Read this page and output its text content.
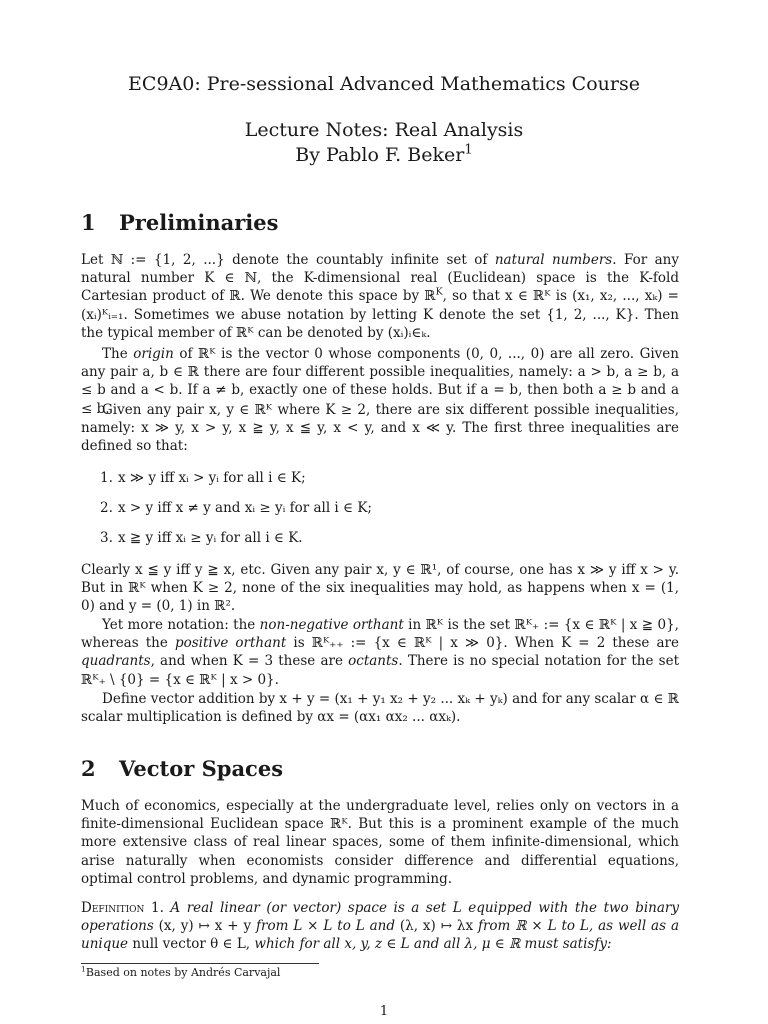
EC9A0: Pre-sessional Advanced Mathematics Course
Lecture Notes: Real Analysis
By Pablo F. Beker$^1$
1 Preliminaries
Let ℕ := {1, 2, ...} denote the countably infinite set of natural numbers. For any natural number K ∈ ℕ, the K-dimensional real (Euclidean) space is the K-fold Cartesian product of ℝ. We denote this space by ℝ$^K$, so that x ∈ ℝᴷ is (x₁, x₂, ..., xₖ) = (xᵢ)ᴷᵢ₌₁. Sometimes we abuse notation by letting K denote the set {1, 2, ..., K}. Then the typical member of ℝᴷ can be denoted by (xᵢ)ᵢ∈ₖ.
The origin of ℝᴷ is the vector 0 whose components (0, 0, ..., 0) are all zero. Given any pair a, b ∈ ℝ there are four different possible inequalities, namely: a > b, a ≥ b, a ≤ b and a < b. If a ≠ b, exactly one of these holds. But if a = b, then both a ≥ b and a ≤ b.
Given any pair x, y ∈ ℝᴷ where K ≥ 2, there are six different possible inequalities, namely: x ≫ y, x > y, x ≧ y, x ≦ y, x < y, and x ≪ y. The first three inequalities are defined so that:
1. x ≫ y iff xᵢ > yᵢ for all i ∈ K;
2. x > y iff x ≠ y and xᵢ ≥ yᵢ for all i ∈ K;
3. x ≧ y iff xᵢ ≥ yᵢ for all i ∈ K.
Clearly x ≦ y iff y ≧ x, etc. Given any pair x, y ∈ ℝ¹, of course, one has x ≫ y iff x > y. But in ℝᴷ when K ≥ 2, none of the six inequalities may hold, as happens when x = (1, 0) and y = (0, 1) in ℝ².
Yet more notation: the non-negative orthant in ℝᴷ is the set ℝᴷ₊ := {x ∈ ℝᴷ | x ≧ 0}, whereas the positive orthant is ℝᴷ₊₊ := {x ∈ ℝᴷ | x ≫ 0}. When K = 2 these are quadrants, and when K = 3 these are octants. There is no special notation for the set ℝᴷ₊ \ {0} = {x ∈ ℝᴷ | x > 0}.
Define vector addition by x + y = (x₁ + y₁ x₂ + y₂ ... xₖ + yₖ) and for any scalar α ∈ ℝ scalar multiplication is defined by αx = (αx₁ αx₂ ... αxₖ).
2 Vector Spaces
Much of economics, especially at the undergraduate level, relies only on vectors in a finite-dimensional Euclidean space ℝᴷ. But this is a prominent example of the much more extensive class of real linear spaces, some of them infinite-dimensional, which arise naturally when economists consider difference and differential equations, optimal control problems, and dynamic programming.
Definition 1. A real linear (or vector) space is a set L equipped with the two binary operations (x, y) ↦ x + y from L × L to L and (λ, x) ↦ λx from ℝ × L to L, as well as a unique null vector θ ∈ L, which for all x, y, z ∈ L and all λ, μ ∈ ℝ must satisfy:
$^1$Based on notes by Andrés Carvajal
1
